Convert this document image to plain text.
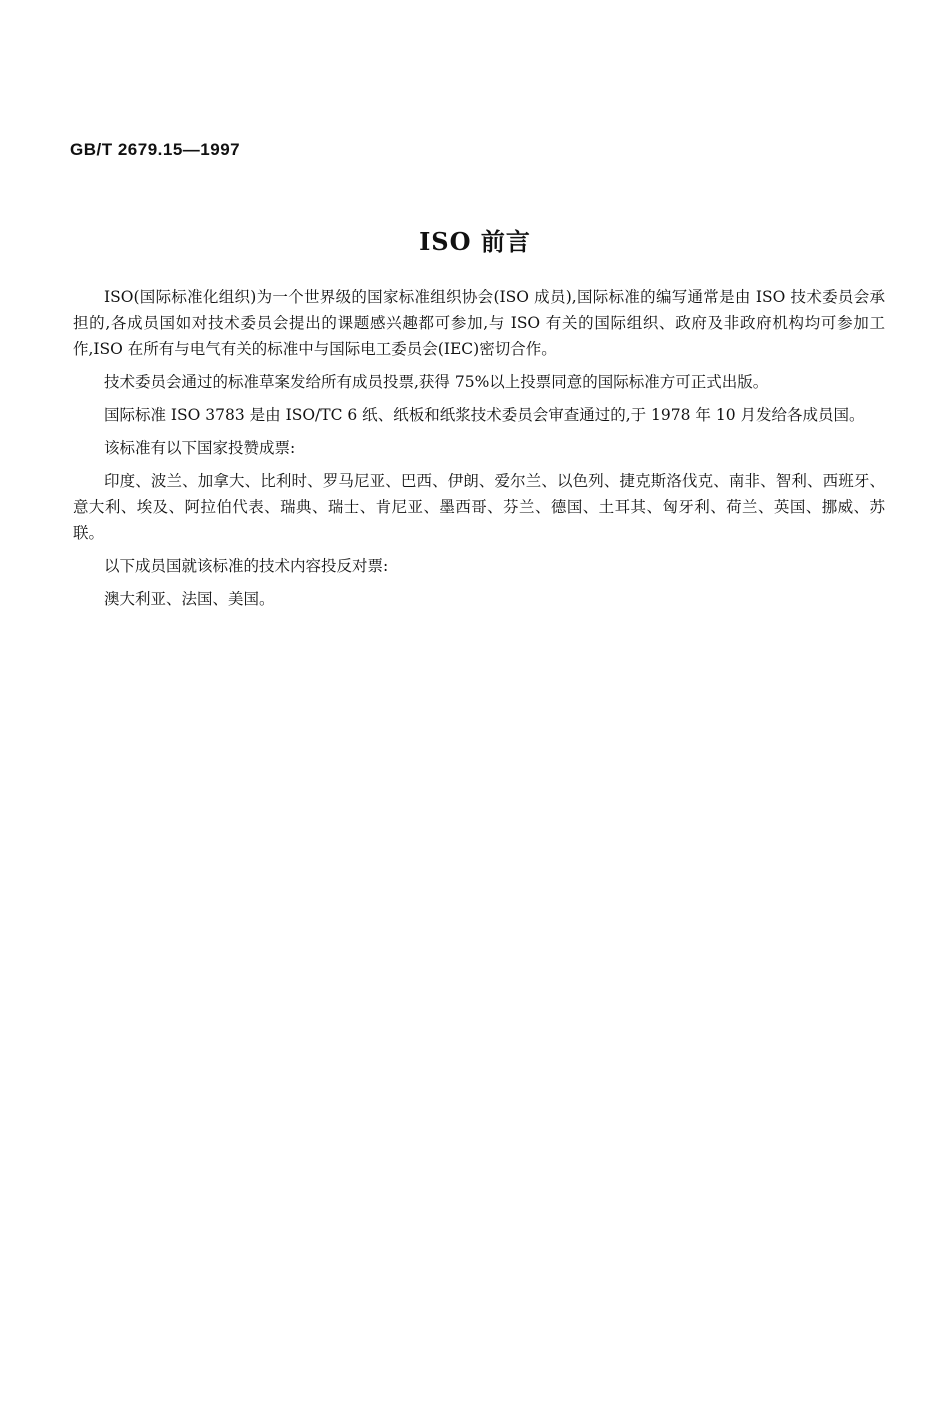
GB/T 2679.15—1997
ISO 前言

ISO(国际标准化组织)为一个世界级的国家标准组织协会(ISO 成员),国际标准的编写通常是由 ISO 技术委员会承担的,各成员国如对技术委员会提出的课题感兴趣都可参加,与 ISO 有关的国际组织、政府及非政府机构均可参加工作,ISO 在所有与电气有关的标准中与国际电工委员会(IEC)密切合作。

技术委员会通过的标准草案发给所有成员投票,获得 75%以上投票同意的国际标准方可正式出版。

国际标准 ISO 3783 是由 ISO/TC 6 纸、纸板和纸浆技术委员会审查通过的,于 1978 年 10 月发给各成员国。

该标准有以下国家投赞成票:

印度、波兰、加拿大、比利时、罗马尼亚、巴西、伊朗、爱尔兰、以色列、捷克斯洛伐克、南非、智利、西班牙、意大利、埃及、阿拉伯代表、瑞典、瑞士、肯尼亚、墨西哥、芬兰、德国、土耳其、匈牙利、荷兰、英国、挪威、苏联。

以下成员国就该标准的技术内容投反对票:

澳大利亚、法国、美国。
